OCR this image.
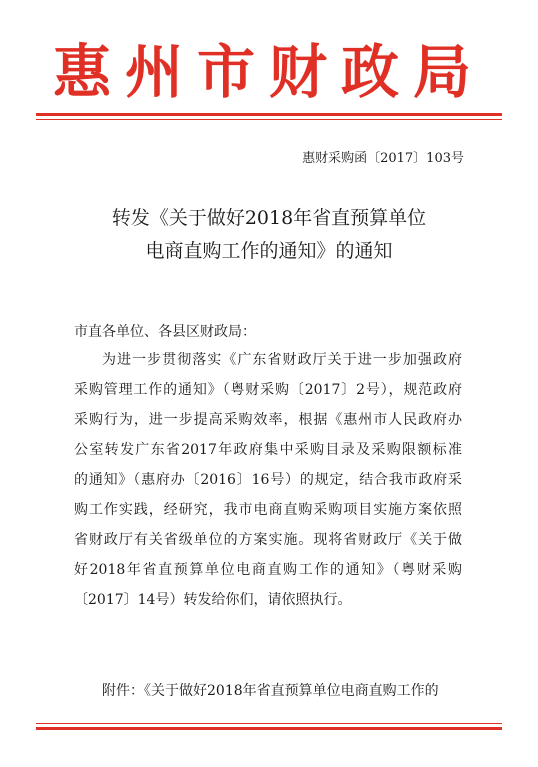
惠州市财政局
惠财采购函〔2017〕103号
转发《关于做好2018年省直预算单位
电商直购工作的通知》的通知
市直各单位、各县区财政局：
为进一步贯彻落实《广东省财政厅关于进一步加强政府
采购管理工作的通知》（粤财采购〔2017〕2号），规范政府
采购行为，进一步提高采购效率，根据《惠州市人民政府办
公室转发广东省2017年政府集中采购目录及采购限额标准
的通知》（惠府办〔2016〕16号）的规定，结合我市政府采
购工作实践，经研究，我市电商直购采购项目实施方案依照
省财政厅有关省级单位的方案实施。现将省财政厅《关于做
好2018年省直预算单位电商直购工作的通知》（粤财采购
〔2017〕14号）转发给你们，请依照执行。
附件：《关于做好2018年省直预算单位电商直购工作的
